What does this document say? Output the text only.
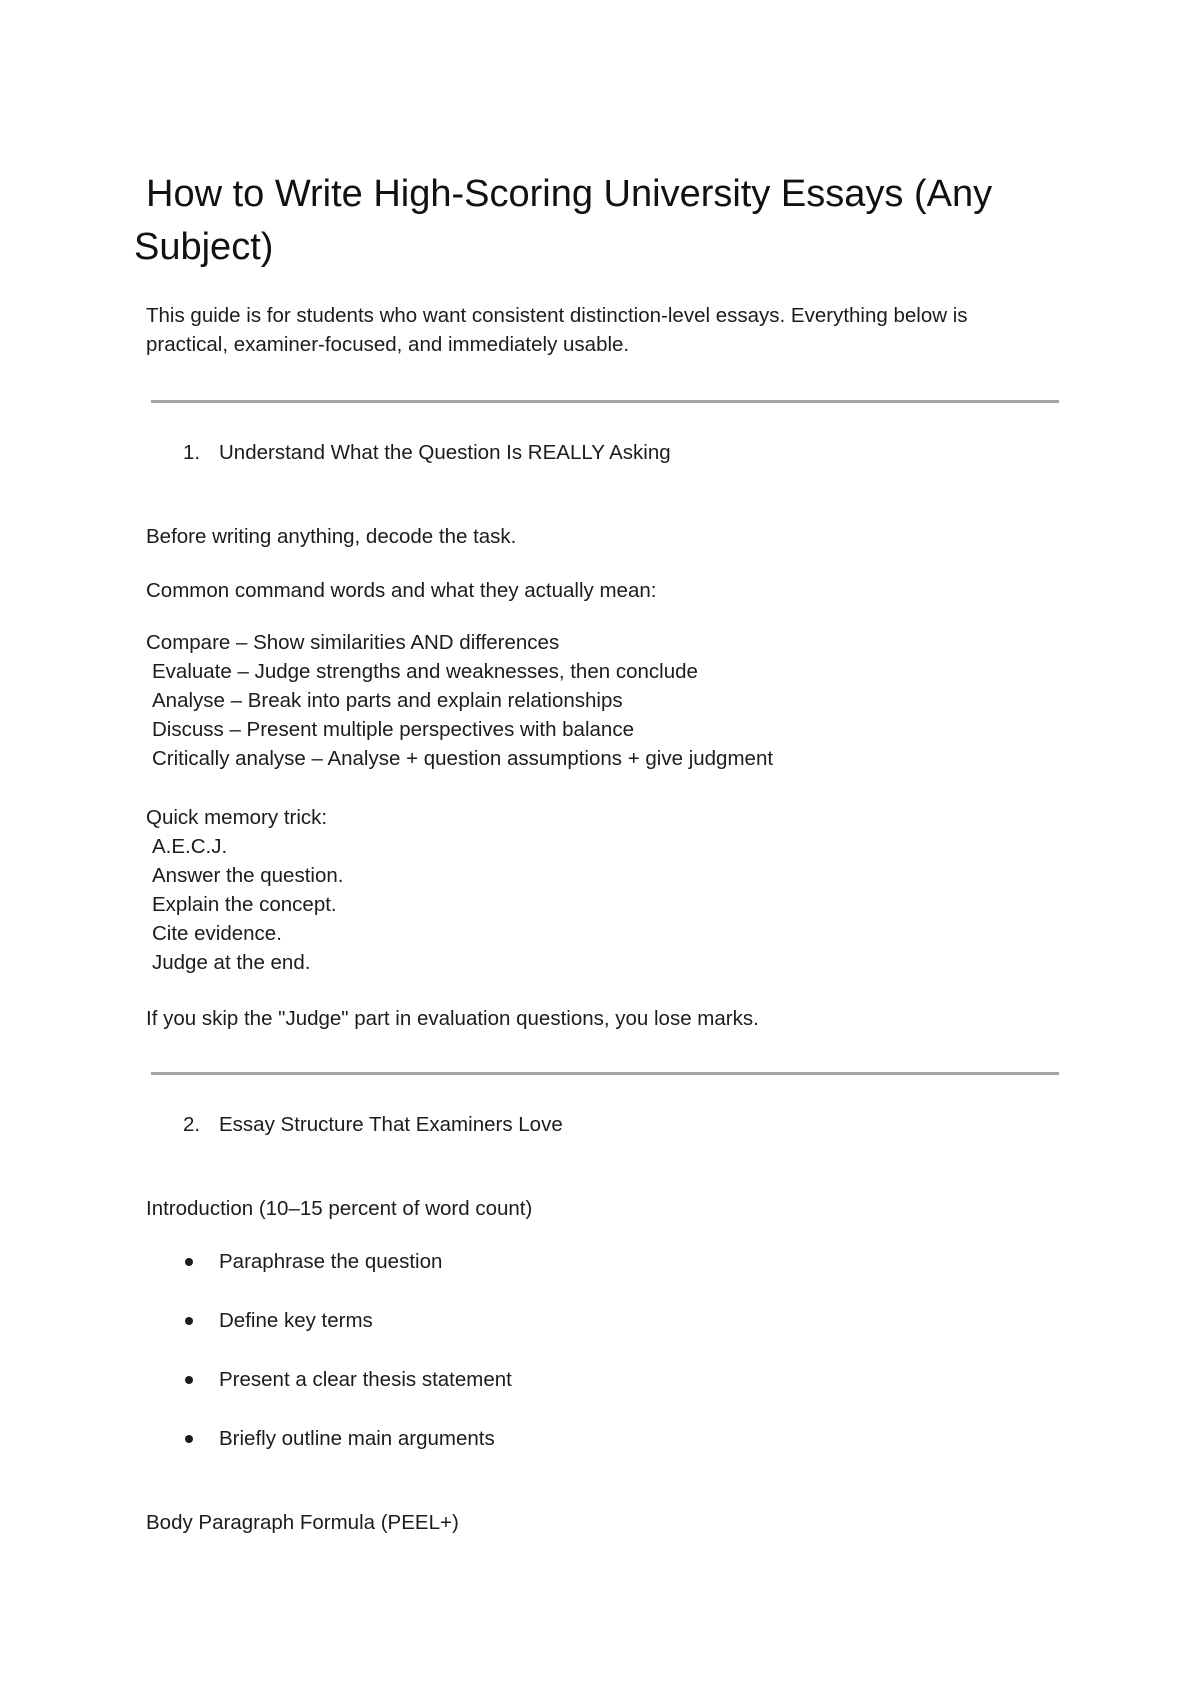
How to Write High-Scoring University Essays (Any
Subject)
This guide is for students who want consistent distinction-level essays. Everything below is
practical, examiner-focused, and immediately usable.
1. Understand What the Question Is REALLY Asking
Before writing anything, decode the task.
Common command words and what they actually mean:
Compare – Show similarities AND differences
Evaluate – Judge strengths and weaknesses, then conclude
Analyse – Break into parts and explain relationships
Discuss – Present multiple perspectives with balance
Critically analyse – Analyse + question assumptions + give judgment
Quick memory trick:
A.E.C.J.
Answer the question.
Explain the concept.
Cite evidence.
Judge at the end.
If you skip the "Judge" part in evaluation questions, you lose marks.
2. Essay Structure That Examiners Love
Introduction (10–15 percent of word count)
Paraphrase the question
Define key terms
Present a clear thesis statement
Briefly outline main arguments
Body Paragraph Formula (PEEL+)
